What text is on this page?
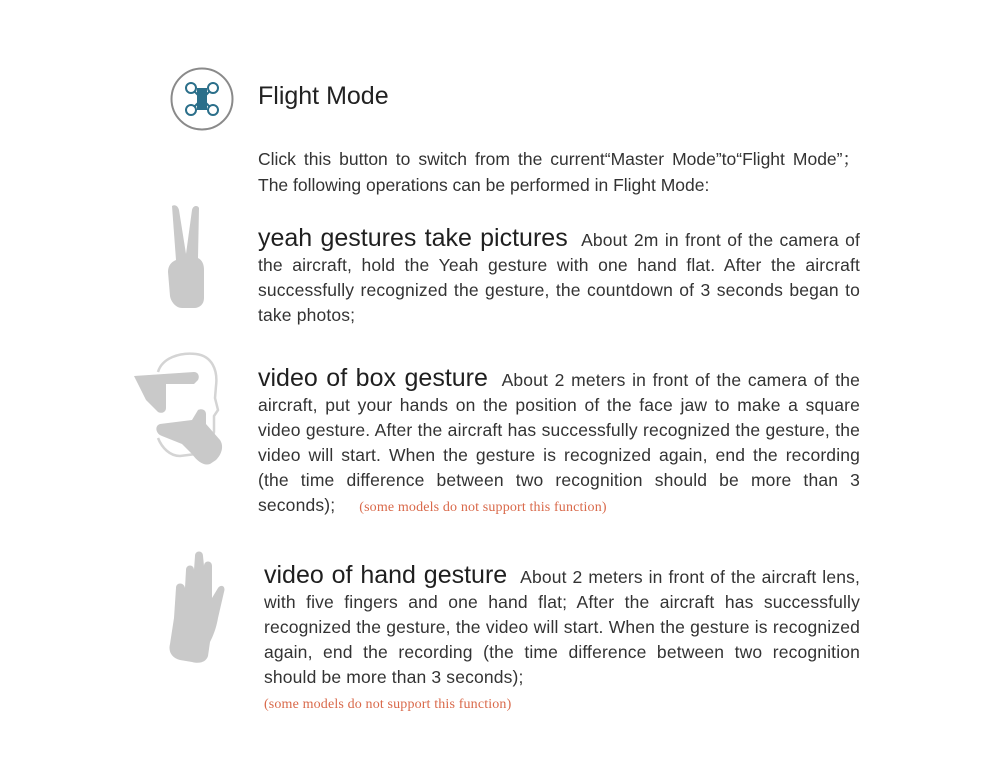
Flight Mode
Click this button to switch from the current“Master Mode”to“Flight Mode”；The following operations can be performed in Flight Mode:
yeah gestures take pictures About 2m in front of the camera of the aircraft, hold the Yeah gesture with one hand flat. After the aircraft successfully recognized the gesture, the countdown of 3 seconds began to take photos;
video of box gesture About 2 meters in front of the camera of the aircraft, put your hands on the position of the face jaw to make a square video gesture. After the aircraft has successfully recognized the gesture, the video will start. When the gesture is recognized again, end the recording (the time difference between two recognition should be more than 3 seconds); (some models do not support this function)
video of hand gesture About 2 meters in front of the aircraft lens, with five fingers and one hand flat; After the aircraft has successfully recognized the gesture, the video will start. When the gesture is recognized again, end the recording (the time difference between two recognition should be more than 3 seconds);
(some models do not support this function)
